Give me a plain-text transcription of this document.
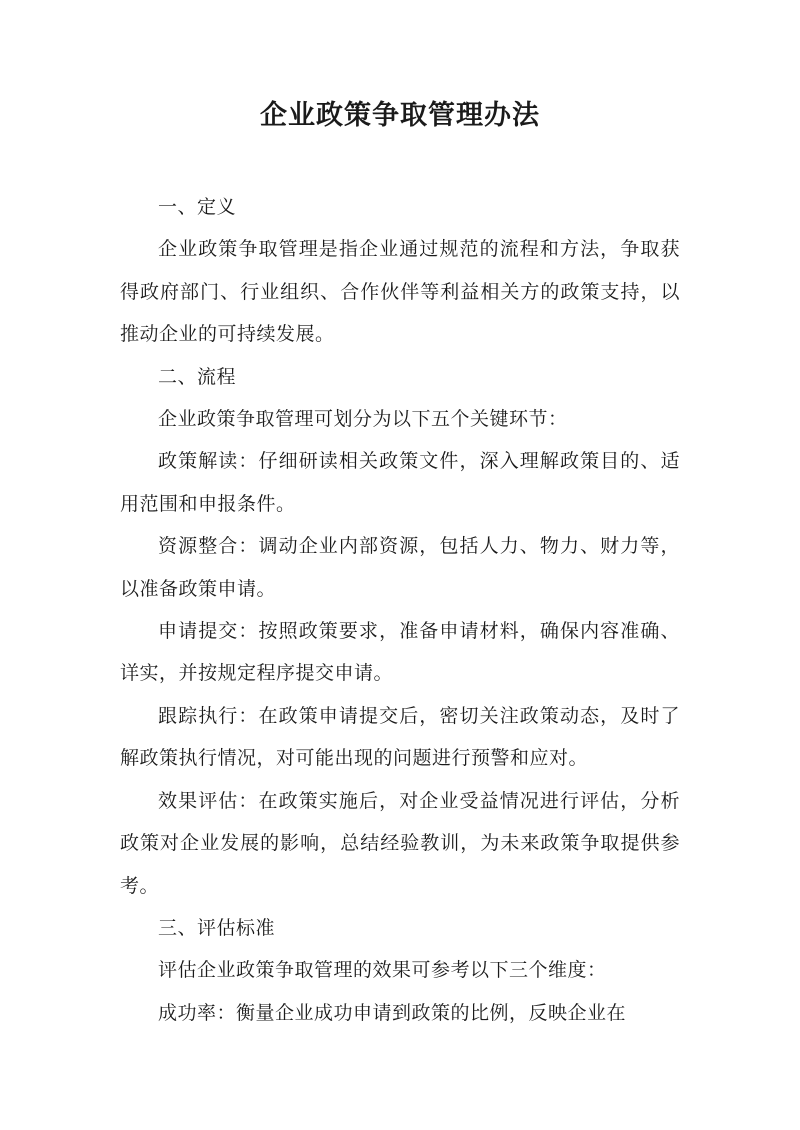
企业政策争取管理办法

一、定义

企业政策争取管理是指企业通过规范的流程和方法，争取获得政府部门、行业组织、合作伙伴等利益相关方的政策支持，以推动企业的可持续发展。

二、流程

企业政策争取管理可划分为以下五个关键环节：

政策解读：仔细研读相关政策文件，深入理解政策目的、适用范围和申报条件。

资源整合：调动企业内部资源，包括人力、物力、财力等，以准备政策申请。

申请提交：按照政策要求，准备申请材料，确保内容准确、详实，并按规定程序提交申请。

跟踪执行：在政策申请提交后，密切关注政策动态，及时了解政策执行情况，对可能出现的问题进行预警和应对。

效果评估：在政策实施后，对企业受益情况进行评估，分析政策对企业发展的影响，总结经验教训，为未来政策争取提供参考。

三、评估标准

评估企业政策争取管理的效果可参考以下三个维度：

成功率：衡量企业成功申请到政策的比例，反映企业在
